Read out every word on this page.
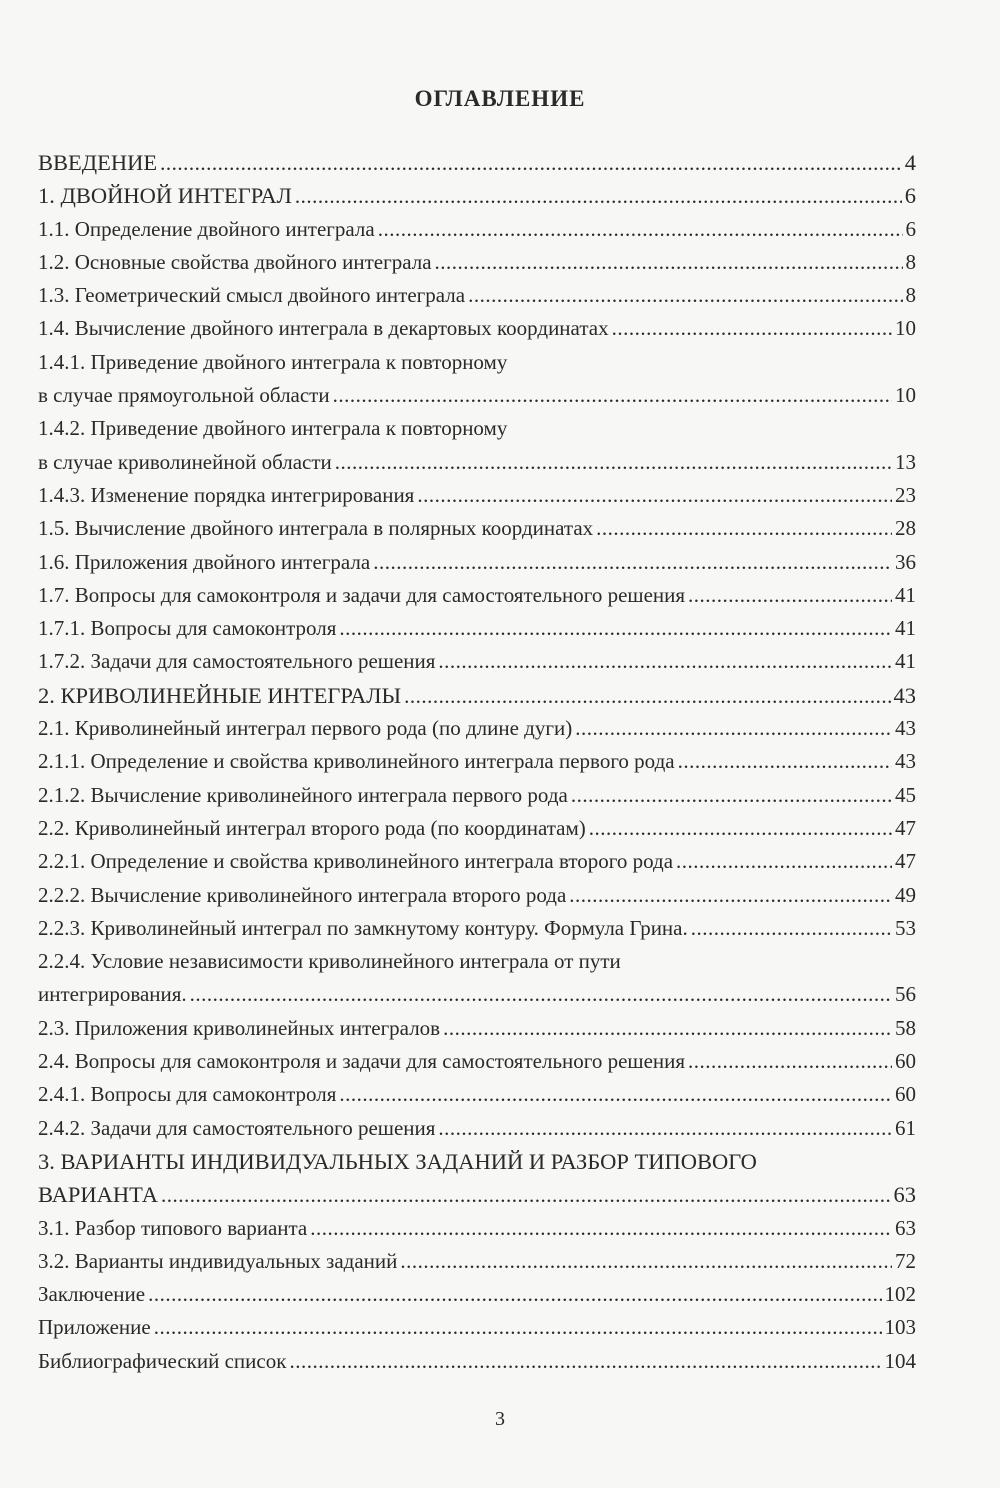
ОГЛАВЛЕНИЕ
ВВЕДЕНИЕ .....	4
1. ДВОЙНОЙ ИНТЕГРАЛ .....	6
1.1. Определение двойного интеграла .....	6
1.2. Основные свойства двойного интеграла .....	8
1.3. Геометрический смысл двойного интеграла .....	8
1.4. Вычисление двойного интеграла в декартовых координатах .....	10
1.4.1. Приведение двойного интеграла к повторному
в случае прямоугольной области .....	10
1.4.2. Приведение двойного интеграла к повторному
в случае криволинейной области .....	13
1.4.3. Изменение порядка интегрирования .....	23
1.5. Вычисление двойного интеграла в полярных координатах .....	28
1.6. Приложения двойного интеграла .....	36
1.7. Вопросы для самоконтроля и задачи для самостоятельного решения .....	41
1.7.1. Вопросы для самоконтроля .....	41
1.7.2. Задачи для самостоятельного решения .....	41
2. КРИВОЛИНЕЙНЫЕ ИНТЕГРАЛЫ .....	43
2.1. Криволинейный интеграл первого рода (по длине дуги) .....	43
2.1.1. Определение и свойства криволинейного интеграла первого рода .....	43
2.1.2. Вычисление криволинейного интеграла первого рода .....	45
2.2. Криволинейный интеграл второго рода (по координатам) .....	47
2.2.1. Определение и свойства криволинейного интеграла второго рода .....	47
2.2.2. Вычисление криволинейного интеграла второго рода .....	49
2.2.3. Криволинейный интеграл по замкнутому контуру. Формула Грина. .....	53
2.2.4. Условие независимости криволинейного интеграла от пути
интегрирования. .....	56
2.3. Приложения криволинейных интегралов .....	58
2.4. Вопросы для самоконтроля и задачи для самостоятельного решения .....	60
2.4.1. Вопросы для самоконтроля .....	60
2.4.2. Задачи для самостоятельного решения .....	61
3. ВАРИАНТЫ ИНДИВИДУАЛЬНЫХ ЗАДАНИЙ И РАЗБОР ТИПОВОГО
ВАРИАНТА .....	63
3.1. Разбор типового варианта .....	63
3.2. Варианты индивидуальных заданий .....	72
Заключение .....	102
Приложение .....	103
Библиографический список .....	104
3
